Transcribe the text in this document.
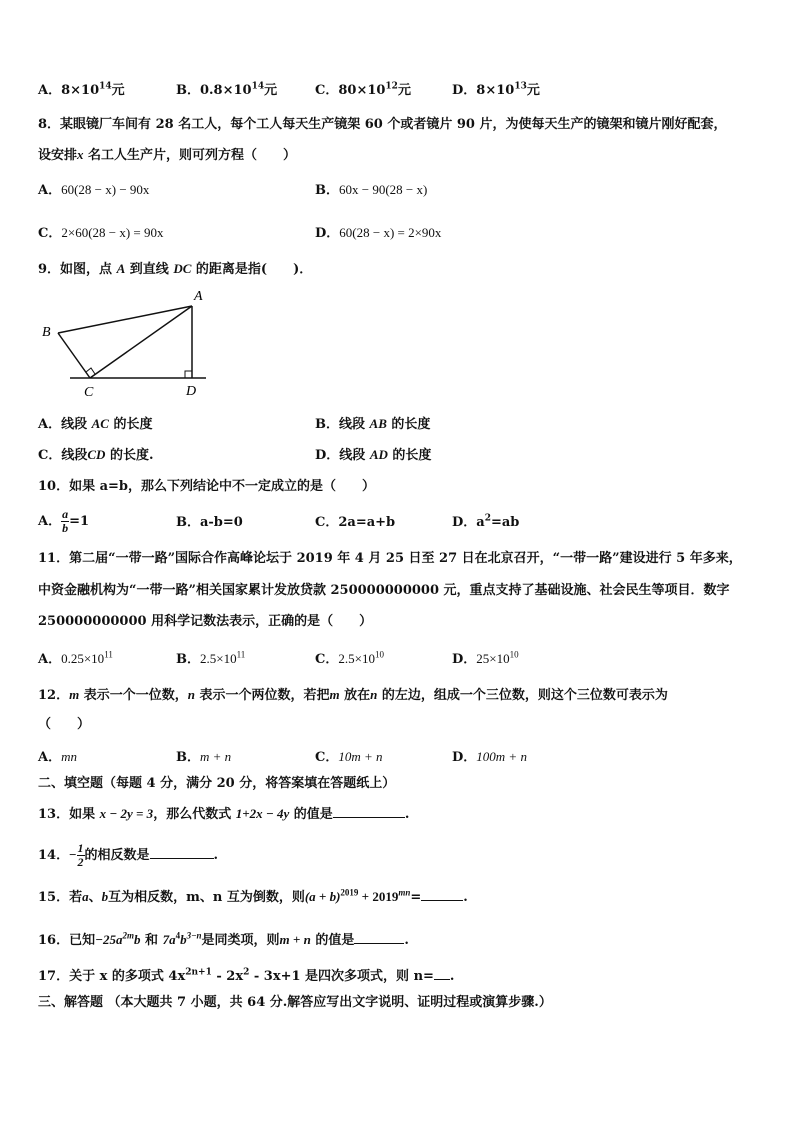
A．$8\times 10^{14}$元	B．$0.8\times 10^{14}$元	C．$80\times 10^{12}$元	D．$8\times 10^{13}$元
8．某眼镜厂车间有 28 名工人，每个工人每天生产镜架 60 个或者镜片 90 片，为使每天生产的镜架和镜片刚好配套，
设安排x 名工人生产片，则可列方程（　　）
A．60(28 − x) − 90x	B．60x − 90(28 − x)
C．2×60(28 − x) = 90x	D．60(28 − x) = 2×90x
9．如图，点 A 到直线 DC 的距离是指(　　)．
A
B
C	D
A．线段 AC 的长度	B．线段 AB 的长度
C．线段CD 的长度.	D．线段 AD 的长度
10．如果 a=b，那么下列结论中不一定成立的是（　　）
A． $\frac{a}{b} =1$	B．a-b=0	C．2a=a+b	D．$a^2=ab$
11．第二届“一带一路”国际合作高峰论坛于 2019 年 4 月 25 日至 27 日在北京召开，“一带一路”建设进行 5 年多来，
中资金融机构为“一带一路”相关国家累计发放贷款 250000000000 元，重点支持了基础设施、社会民生等项目．数字
250000000000 用科学记数法表示，正确的是（　　）
A．$0.25\times 10^{11}$	B．$2.5\times 10^{11}$	C．$2.5\times 10^{10}$	D．$25\times 10^{10}$
12．m 表示一个一位数，n 表示一个两位数，若把m 放在n 的左边，组成一个三位数，则这个三位数可表示为
（　　）
A．mn	B．m + n	C．10m + n	D．100m + n
二、填空题（每题 4 分，满分 20 分，将答案填在答题纸上）
13．如果 x − 2y = 3，那么代数式 1+2x − 4y 的值是	.
14．− $\frac{1}{2}$ 的相反数是	.
15．若a、b互为相反数，m、n 互为倒数，则$(a + b)^{2019} + 2019^{mn}=$	.
16．已知$-25a^{2m}b$ 和 $7a^4b^{3-n}$是同类项，则m + n 的值是	.
17．关于 x 的多项式 $4x^{2n+1} - 2x^2 - 3x+1$ 是四次多项式，则 n= .
三、解答题 （本大题共 7 小题，共 64 分.解答应写出文字说明、证明过程或演算步骤.）
